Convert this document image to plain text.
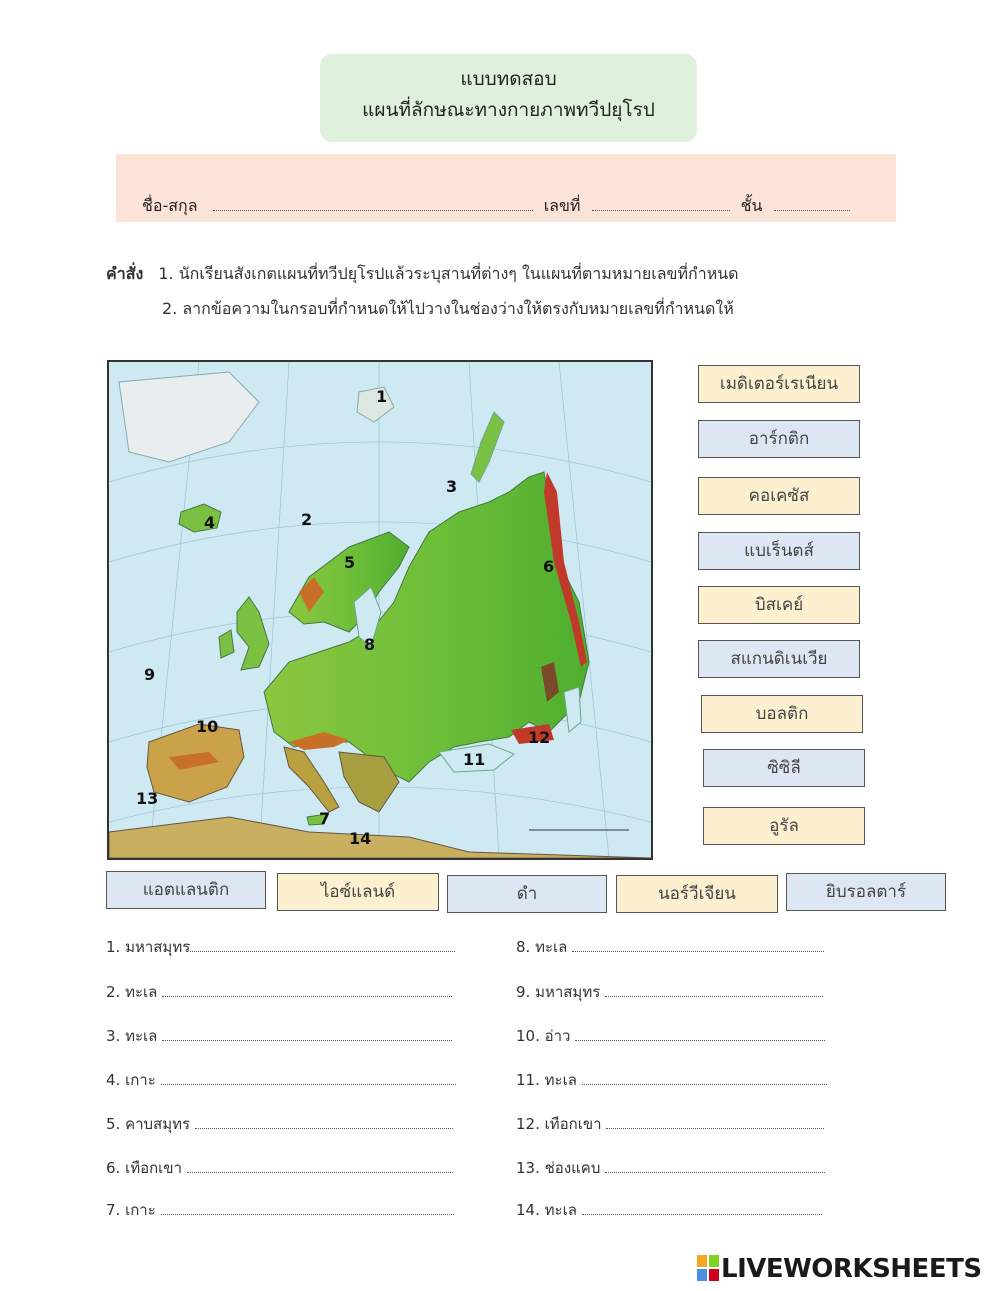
แบบทดสอบ
แผนที่ลักษณะทางกายภาพทวีปยุโรป
ชื่อ-สกุล	เลขที่	ชั้น
คำสั่ง 1. นักเรียนสังเกตแผนที่ทวีปยุโรปแล้วระบุสานที่ต่างๆ ในแผนที่ตามหมายเลขที่กำหนด
2. ลากข้อความในกรอบที่กำหนดให้ไปวางในช่องว่างให้ตรงกับหมายเลขที่กำหนดให้
1
2
3
4
5	6
8
9
10
11
12
13
7
14
เมดิเตอร์เรเนียน
อาร์กติก
คอเคซัส
แบเร็นตส์
บิสเคย์
สแกนดิเนเวีย
บอลติก
ซิซิลี
อูรัล
แอตแลนติก	ไอซ์แลนด์	ดำ	นอร์วีเจียน	ยิบรอลตาร์
1. มหาสมุทร
2. ทะเล
3. ทะเล
4. เกาะ
5. คาบสมุทร
6. เทือกเขา
7. เกาะ
8. ทะเล
9. มหาสมุทร
10. อ่าว
11. ทะเล
12. เทือกเขา
13. ช่องแคบ
14. ทะเล
LIVEWORKSHEETS
